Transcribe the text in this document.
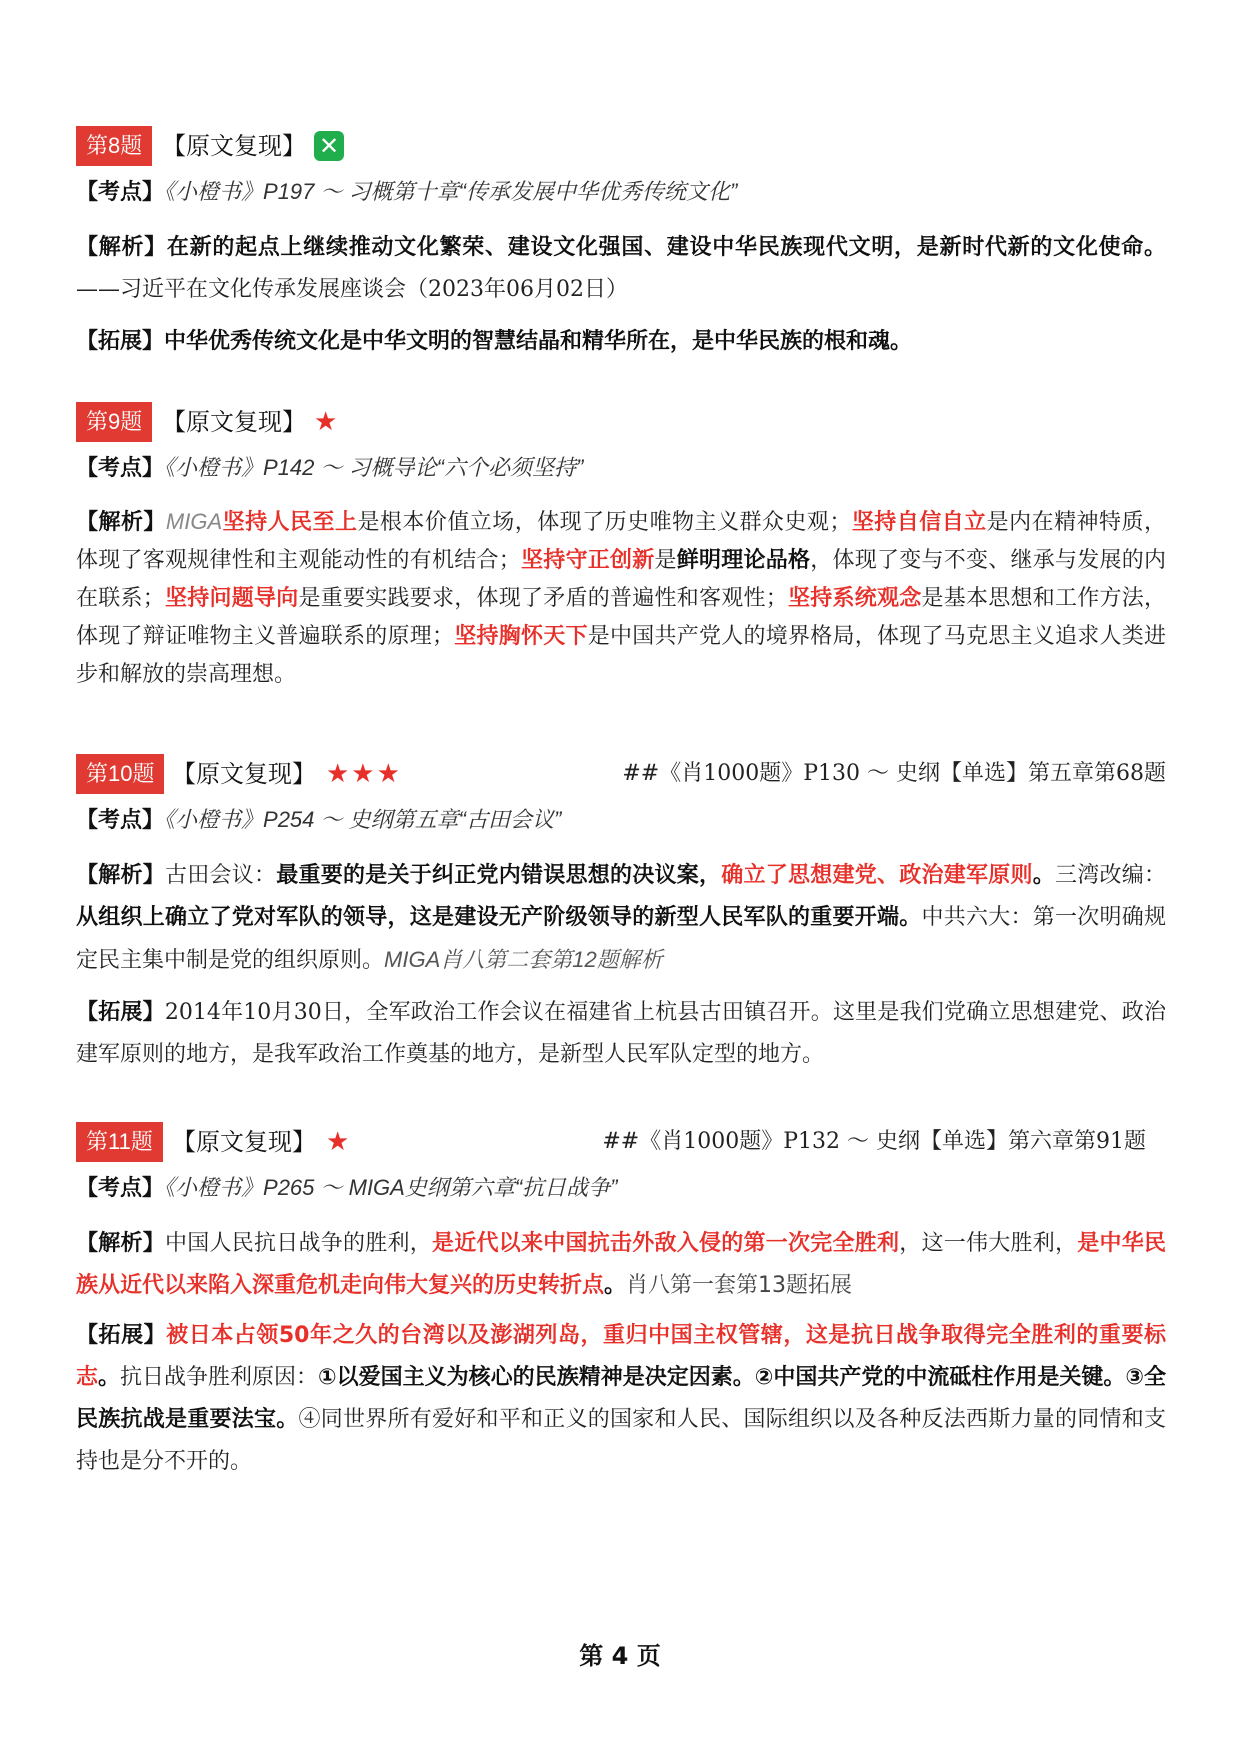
第8题 【原文复现】 ✕
【考点】《小橙书》P197 ～ 习概第十章“传承发展中华优秀传统文化”
【解析】在新的起点上继续推动文化繁荣、建设文化强国、建设中华民族现代文明，是新时代新的文化使命。——习近平在文化传承发展座谈会（2023年06月02日）
【拓展】中华优秀传统文化是中华文明的智慧结晶和精华所在，是中华民族的根和魂。
第9题 【原文复现】 ★
【考点】《小橙书》P142 ～ 习概导论“六个必须坚持”
【解析】MIGA坚持人民至上是根本价值立场，体现了历史唯物主义群众史观；坚持自信自立是内在精神特质，体现了客观规律性和主观能动性的有机结合；坚持守正创新是鲜明理论品格，体现了变与不变、继承与发展的内在联系；坚持问题导向是重要实践要求，体现了矛盾的普遍性和客观性；坚持系统观念是基本思想和工作方法，体现了辩证唯物主义普遍联系的原理；坚持胸怀天下是中国共产党人的境界格局，体现了马克思主义追求人类进步和解放的崇高理想。
第10题 【原文复现】 ★★★	##《肖1000题》P130 ～ 史纲【单选】第五章第68题
【考点】《小橙书》P254 ～ 史纲第五章“古田会议”
【解析】古田会议：最重要的是关于纠正党内错误思想的决议案，确立了思想建党、政治建军原则。三湾改编：从组织上确立了党对军队的领导，这是建设无产阶级领导的新型人民军队的重要开端。中共六大：第一次明确规定民主集中制是党的组织原则。MIGA肖八第二套第12题解析
【拓展】2014年10月30日，全军政治工作会议在福建省上杭县古田镇召开。这里是我们党确立思想建党、政治建军原则的地方，是我军政治工作奠基的地方，是新型人民军队定型的地方。
第11题 【原文复现】 ★	##《肖1000题》P132 ～ 史纲【单选】第六章第91题
【考点】《小橙书》P265 ～ MIGA史纲第六章“抗日战争”
【解析】中国人民抗日战争的胜利，是近代以来中国抗击外敌入侵的第一次完全胜利，这一伟大胜利，是中华民族从近代以来陷入深重危机走向伟大复兴的历史转折点。肖八第一套第13题拓展
【拓展】被日本占领50年之久的台湾以及澎湖列岛，重归中国主权管辖，这是抗日战争取得完全胜利的重要标志。抗日战争胜利原因：①以爱国主义为核心的民族精神是决定因素。②中国共产党的中流砥柱作用是关键。③全民族抗战是重要法宝。④同世界所有爱好和平和正义的国家和人民、国际组织以及各种反法西斯力量的同情和支持也是分不开的。
第 4 页
